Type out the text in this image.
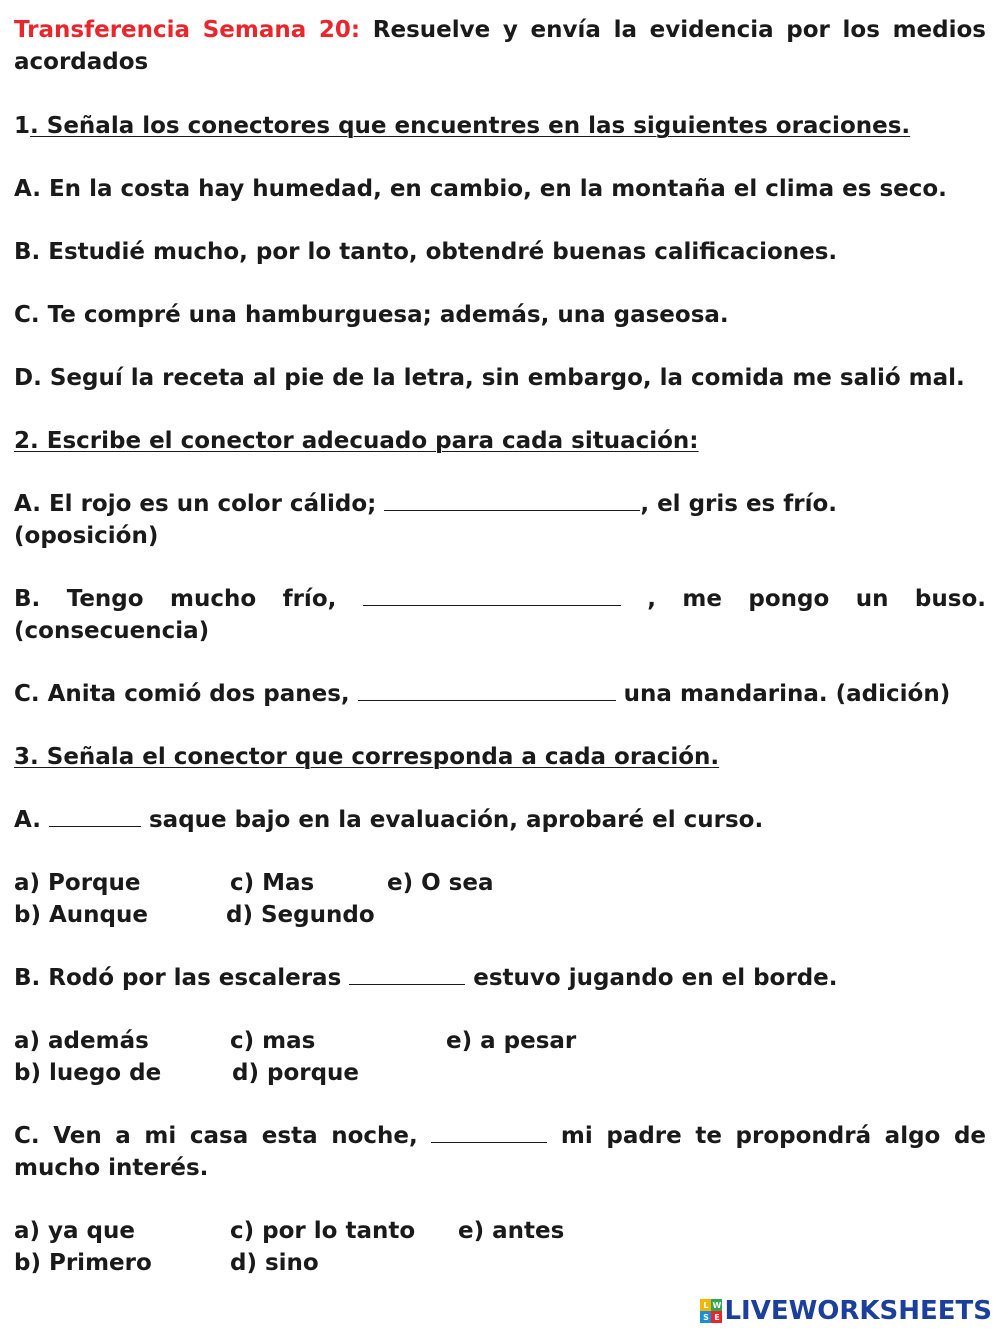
Transferencia Semana 20: Resuelve y envía la evidencia por los medios acordados

1. Señala los conectores que encuentres en las siguientes oraciones.

A. En la costa hay humedad, en cambio, en la montaña el clima es seco.

B. Estudié mucho, por lo tanto, obtendré buenas calificaciones.

C. Te compré una hamburguesa; además, una gaseosa.

D. Seguí la receta al pie de la letra, sin embargo, la comida me salió mal.

2. Escribe el conector adecuado para cada situación:

A. El rojo es un color cálido;	, el gris es frío. (oposición)

B. Tengo mucho frío,	, me pongo un buso. (consecuencia)

C. Anita comió dos panes,	una mandarina. (adición)

3. Señala el conector que corresponda a cada oración.

A.	saque bajo en la evaluación, aprobaré el curso.

a) Porque	c) Mas	e) O sea
b) Aunque	d) Segundo

B. Rodó por las escaleras	estuvo jugando en el borde.

a) además	c) mas	e) a pesar
b) luego de	d) porque

C. Ven a mi casa esta noche,	mi padre te propondrá algo de mucho interés.

a) ya que	c) por lo tanto	e) antes
b) Primero	d) sino
L W
S E LIVEWORKSHEETS
